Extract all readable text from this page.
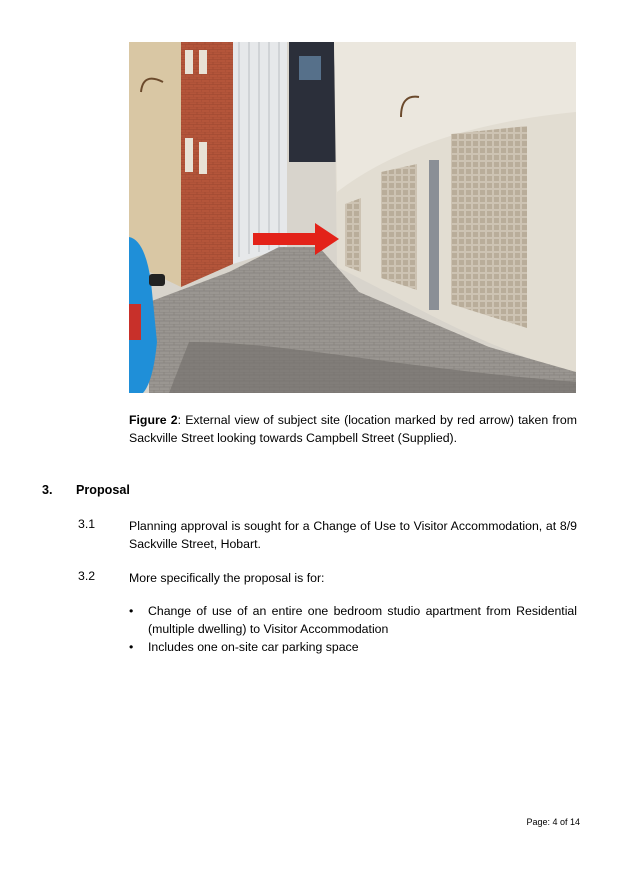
Figure 2: External view of subject site (location marked by red arrow) taken from Sackville Street looking towards Campbell Street (Supplied).
3. Proposal
3.1	Planning approval is sought for a Change of Use to Visitor Accommodation, at 8/9 Sackville Street, Hobart.
3.2	More specifically the proposal is for:
• Change of use of an entire one bedroom studio apartment from Residential (multiple dwelling) to Visitor Accommodation
• Includes one on-site car parking space
Page: 4 of 14
